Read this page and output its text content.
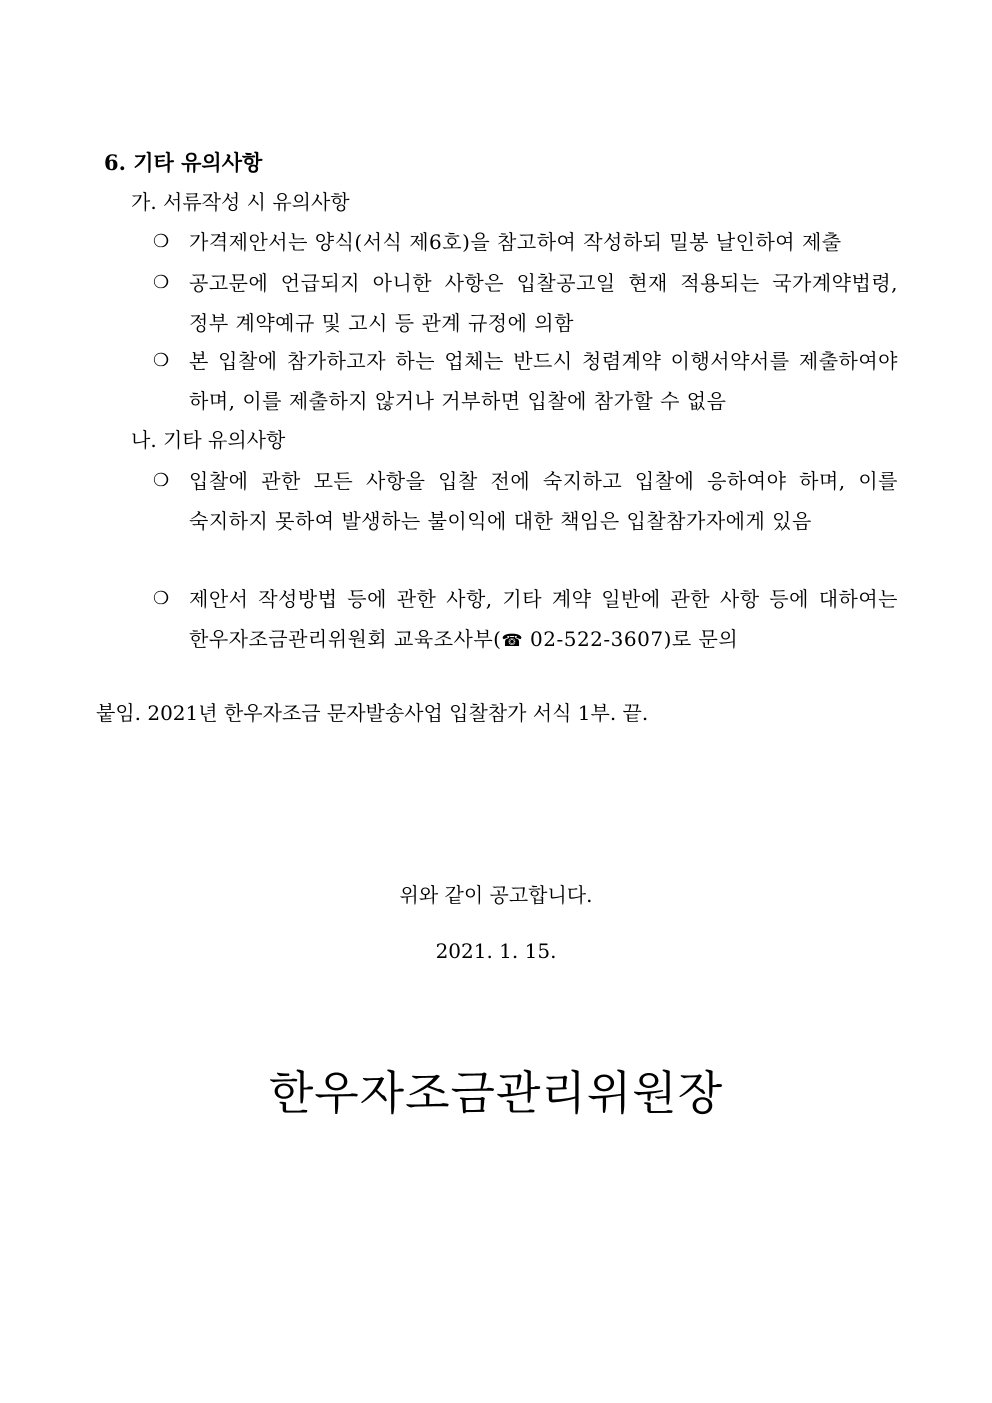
6. 기타 유의사항
가. 서류작성 시 유의사항
❍ 가격제안서는 양식(서식 제6호)을 참고하여 작성하되 밀봉 날인하여 제출
❍ 공고문에 언급되지 아니한 사항은 입찰공고일 현재 적용되는 국가계약법령, 정부 계약예규 및 고시 등 관계 규정에 의함
❍ 본 입찰에 참가하고자 하는 업체는 반드시 청렴계약 이행서약서를 제출하여야 하며, 이를 제출하지 않거나 거부하면 입찰에 참가할 수 없음
나. 기타 유의사항
❍ 입찰에 관한 모든 사항을 입찰 전에 숙지하고 입찰에 응하여야 하며, 이를 숙지하지 못하여 발생하는 불이익에 대한 책임은 입찰참가자에게 있음
❍ 제안서 작성방법 등에 관한 사항, 기타 계약 일반에 관한 사항 등에 대하여는 한우자조금관리위원회 교육조사부(☎ 02-522-3607)로 문의
붙임. 2021년 한우자조금 문자발송사업 입찰참가 서식 1부. 끝.
위와 같이 공고합니다.
2021. 1. 15.
한우자조금관리위원장
